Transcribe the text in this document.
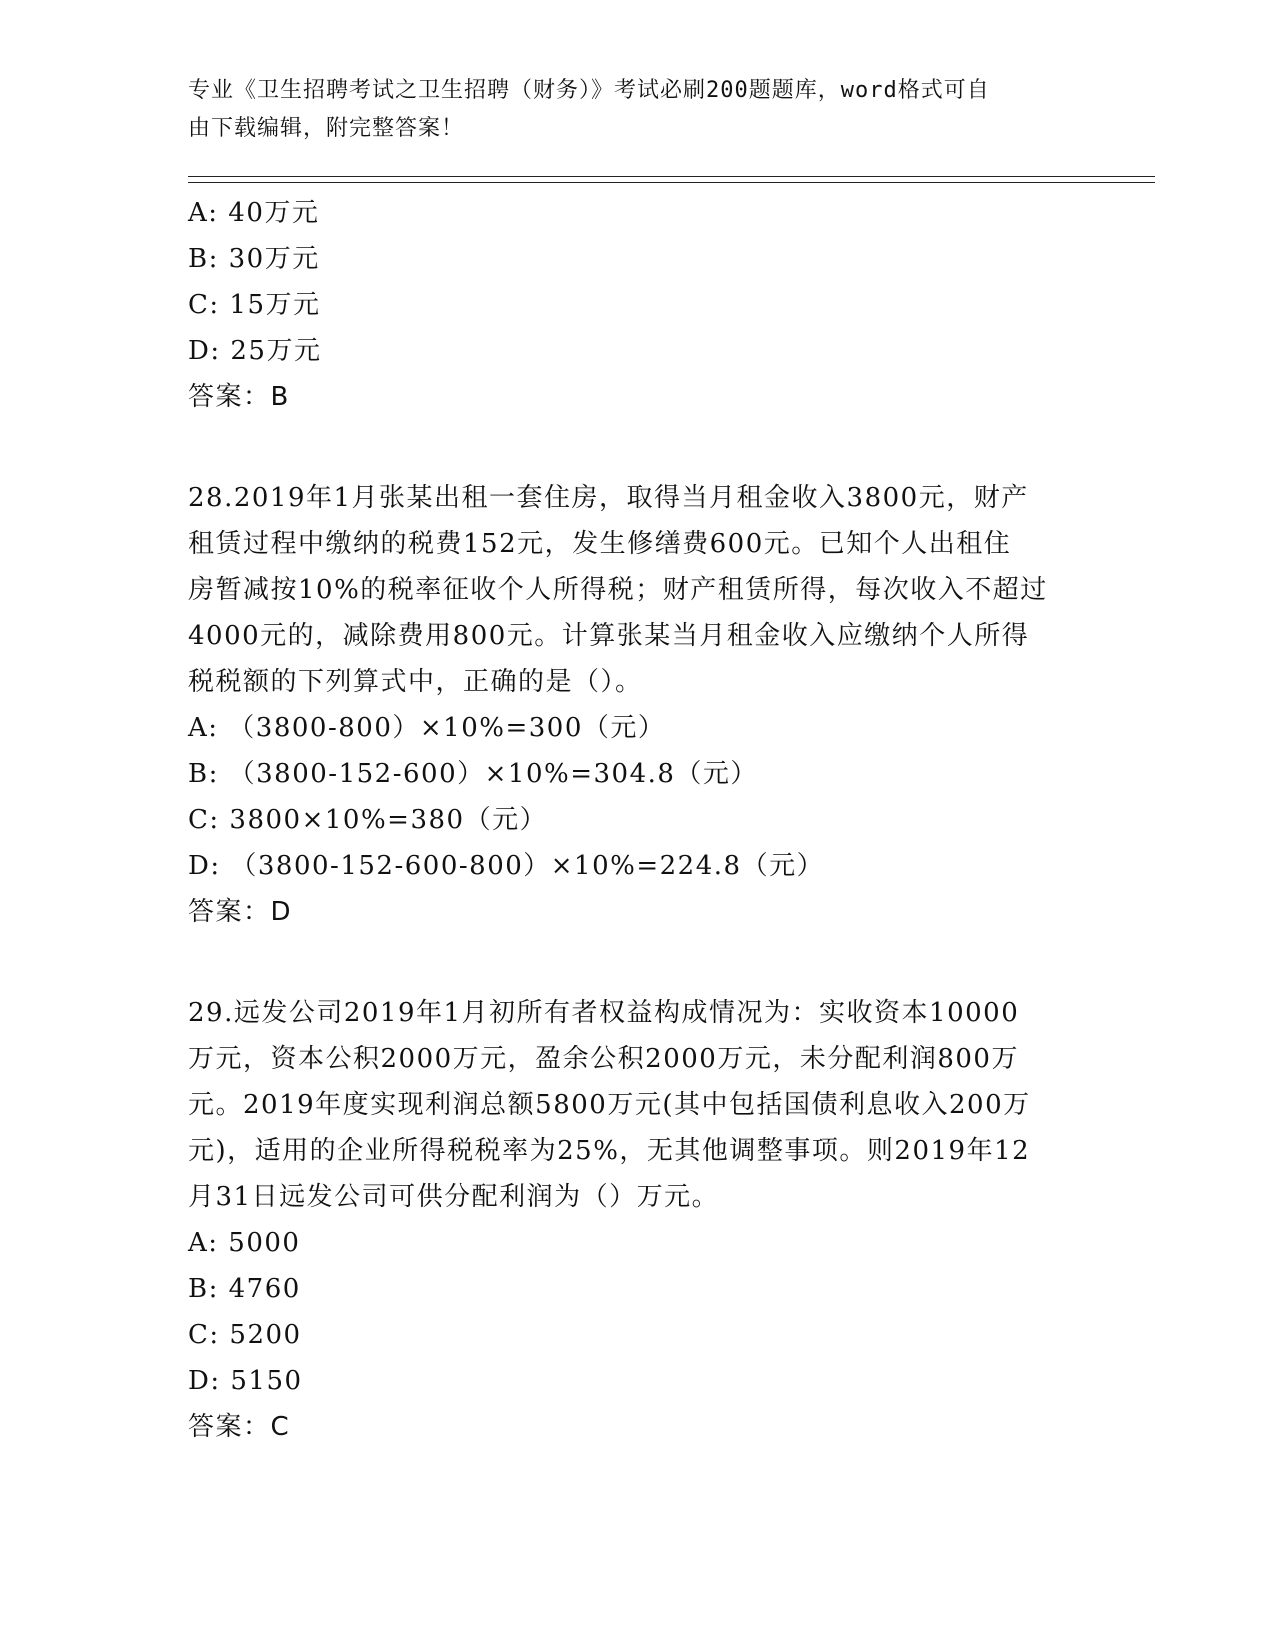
专业《卫生招聘考试之卫生招聘（财务）》考试必刷200题题库，word格式可自
由下载编辑，附完整答案！
A: 40万元
B: 30万元
C: 15万元
D: 25万元
答案：B
28.2019年1月张某出租一套住房，取得当月租金收入3800元，财产
租赁过程中缴纳的税费152元，发生修缮费600元。已知个人出租住
房暂减按10%的税率征收个人所得税；财产租赁所得，每次收入不超过
4000元的，减除费用800元。计算张某当月租金收入应缴纳个人所得
税税额的下列算式中，正确的是（）。
A: （3800-800）×10%=300（元）
B: （3800-152-600）×10%=304.8（元）
C: 3800×10%=380（元）
D: （3800-152-600-800）×10%=224.8（元）
答案：D
29.远发公司2019年1月初所有者权益构成情况为：实收资本10000
万元，资本公积2000万元，盈余公积2000万元，未分配利润800万
元。2019年度实现利润总额5800万元(其中包括国债利息收入200万
元)，适用的企业所得税税率为25%，无其他调整事项。则2019年12
月31日远发公司可供分配利润为（）万元。
A: 5000
B: 4760
C: 5200
D: 5150
答案：C
